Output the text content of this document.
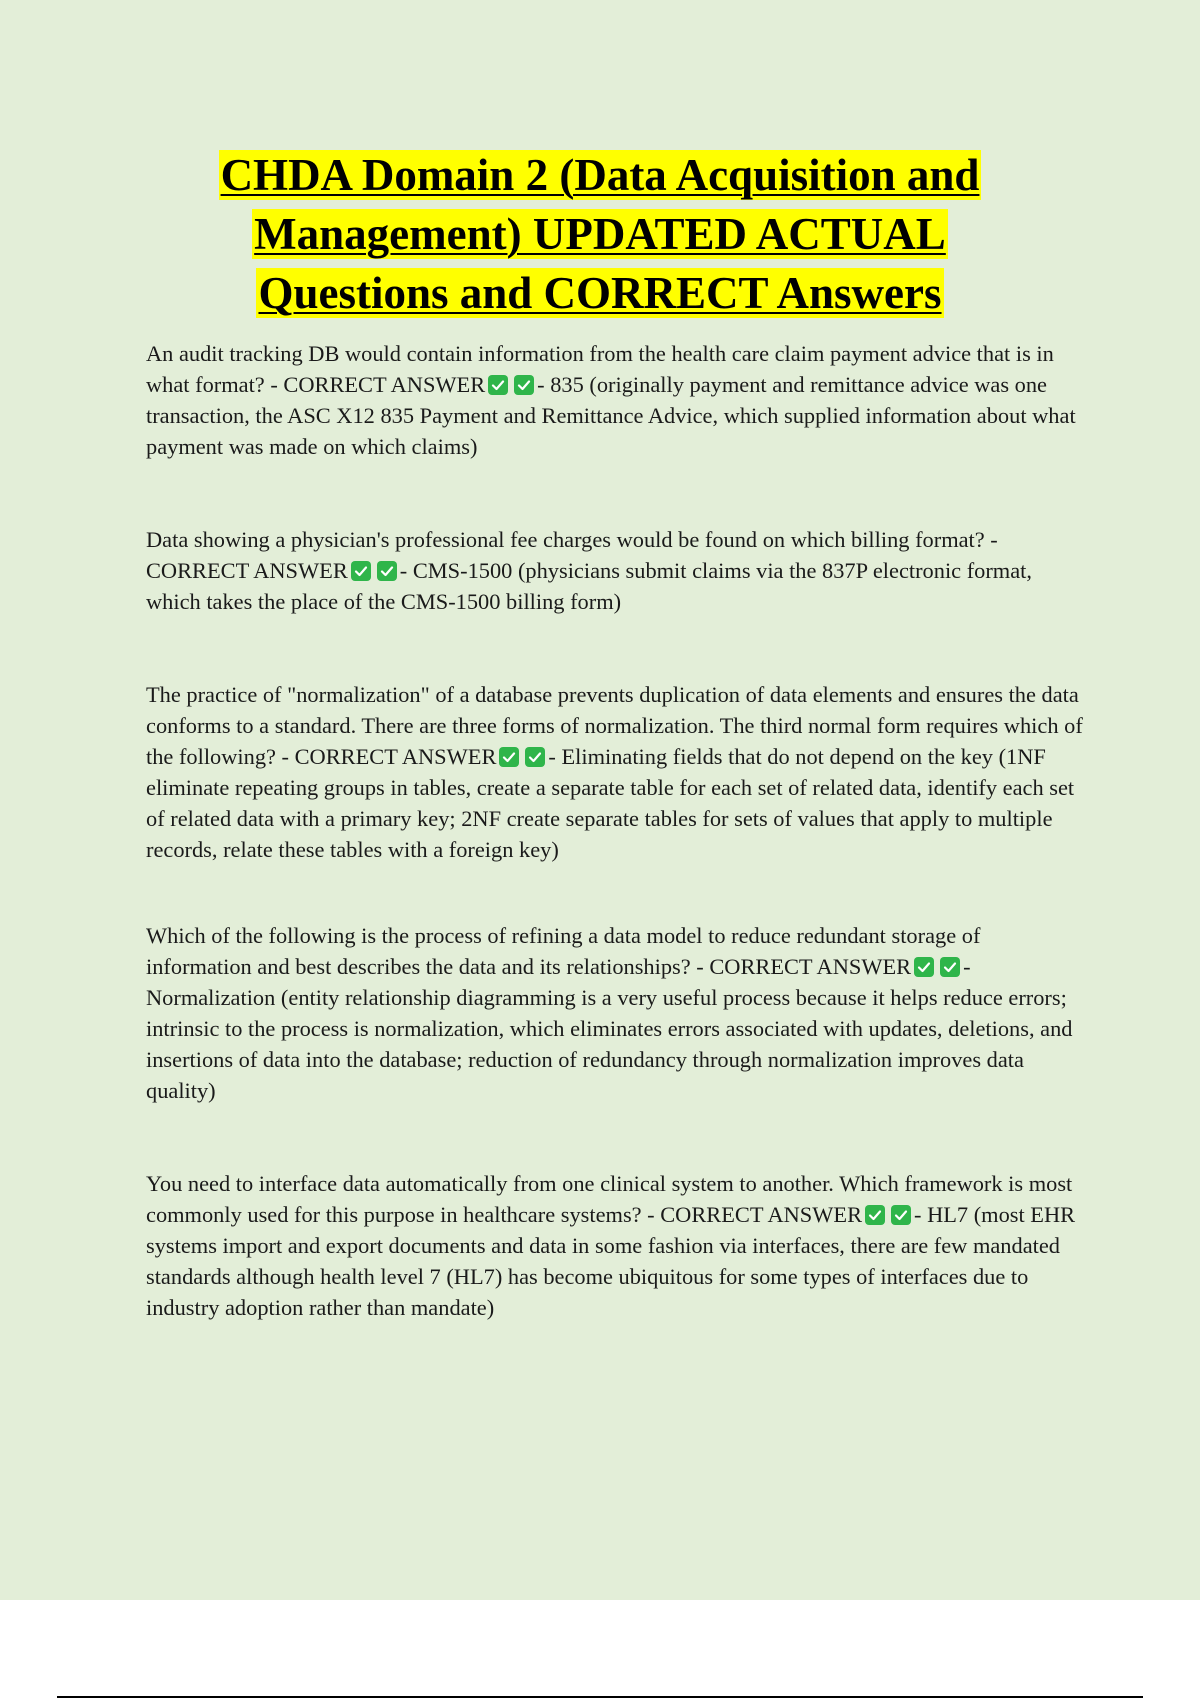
CHDA Domain 2 (Data Acquisition and
Management) UPDATED ACTUAL
Questions and CORRECT Answers

An audit tracking DB would contain information from the health care claim payment advice that is in what format? - CORRECT ANSWER - 835 (originally payment and remittance advice was one transaction, the ASC X12 835 Payment and Remittance Advice, which supplied information about what payment was made on which claims)

Data showing a physician's professional fee charges would be found on which billing format? - CORRECT ANSWER - CMS-1500 (physicians submit claims via the 837P electronic format, which takes the place of the CMS-1500 billing form)

The practice of "normalization" of a database prevents duplication of data elements and ensures the data conforms to a standard. There are three forms of normalization. The third normal form requires which of the following? - CORRECT ANSWER - Eliminating fields that do not depend on the key (1NF eliminate repeating groups in tables, create a separate table for each set of related data, identify each set of related data with a primary key; 2NF create separate tables for sets of values that apply to multiple records, relate these tables with a foreign key)

Which of the following is the process of refining a data model to reduce redundant storage of information and best describes the data and its relationships? - CORRECT ANSWER - Normalization (entity relationship diagramming is a very useful process because it helps reduce errors; intrinsic to the process is normalization, which eliminates errors associated with updates, deletions, and insertions of data into the database; reduction of redundancy through normalization improves data quality)

You need to interface data automatically from one clinical system to another. Which framework is most commonly used for this purpose in healthcare systems? - CORRECT ANSWER - HL7 (most EHR systems import and export documents and data in some fashion via interfaces, there are few mandated standards although health level 7 (HL7) has become ubiquitous for some types of interfaces due to industry adoption rather than mandate)
